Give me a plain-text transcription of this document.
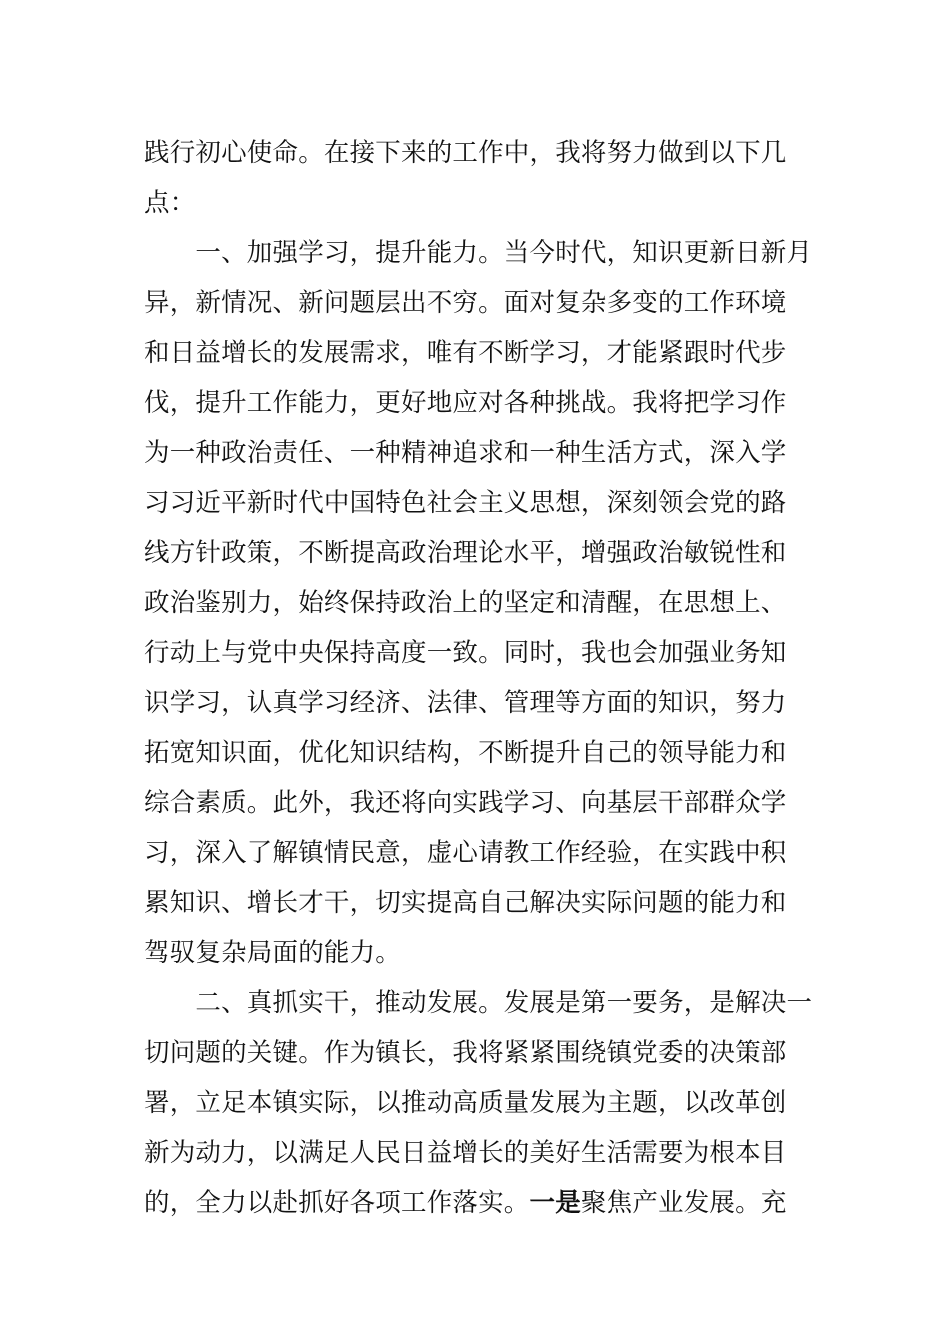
践行初心使命。在接下来的工作中，我将努力做到以下几
点：
　　一、加强学习，提升能力。当今时代，知识更新日新月
异，新情况、新问题层出不穷。面对复杂多变的工作环境
和日益增长的发展需求，唯有不断学习，才能紧跟时代步
伐，提升工作能力，更好地应对各种挑战。我将把学习作
为一种政治责任、一种精神追求和一种生活方式，深入学
习习近平新时代中国特色社会主义思想，深刻领会党的路
线方针政策，不断提高政治理论水平，增强政治敏锐性和
政治鉴别力，始终保持政治上的坚定和清醒，在思想上、
行动上与党中央保持高度一致。同时，我也会加强业务知
识学习，认真学习经济、法律、管理等方面的知识，努力
拓宽知识面，优化知识结构，不断提升自己的领导能力和
综合素质。此外，我还将向实践学习、向基层干部群众学
习，深入了解镇情民意，虚心请教工作经验，在实践中积
累知识、增长才干，切实提高自己解决实际问题的能力和
驾驭复杂局面的能力。
　　二、真抓实干，推动发展。发展是第一要务，是解决一
切问题的关键。作为镇长，我将紧紧围绕镇党委的决策部
署，立足本镇实际，以推动高质量发展为主题，以改革创
新为动力，以满足人民日益增长的美好生活需要为根本目
的，全力以赴抓好各项工作落实。一是聚焦产业发展。充
